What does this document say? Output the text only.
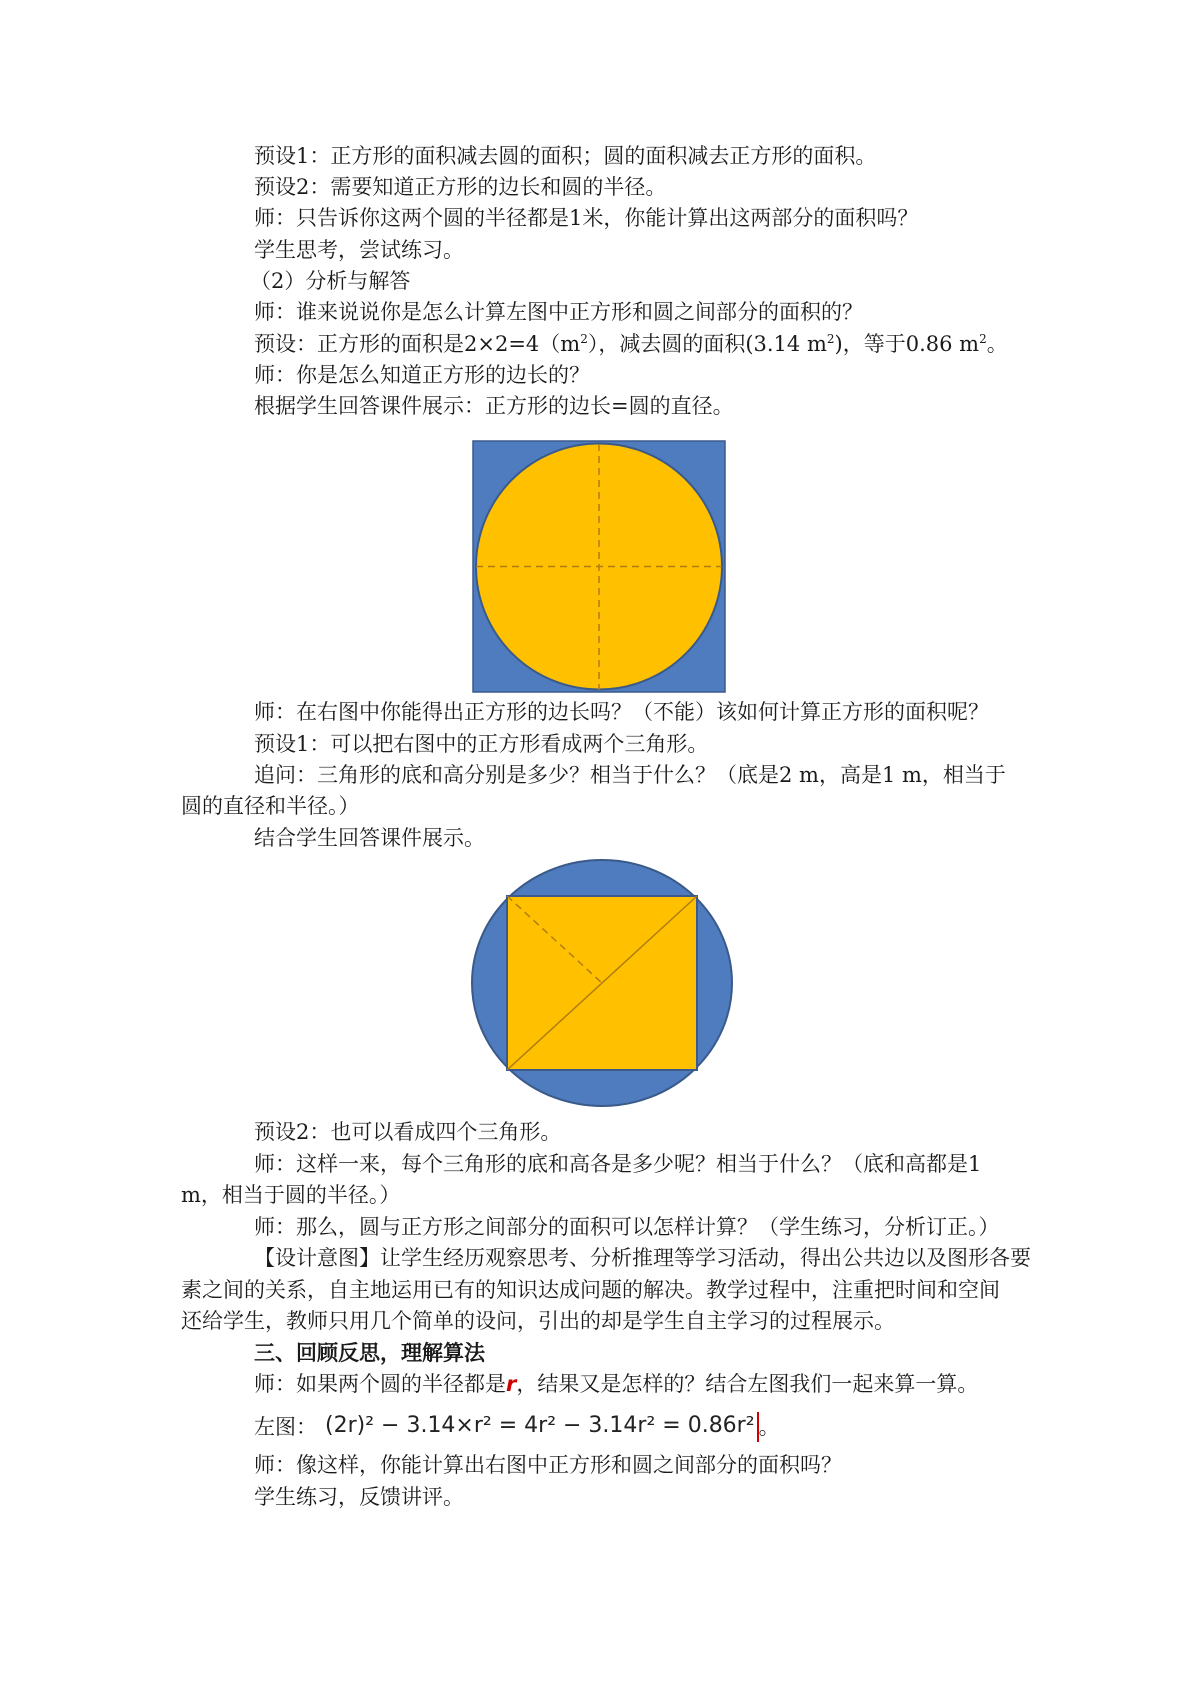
预设1：正方形的面积减去圆的面积；圆的面积减去正方形的面积。
预设2：需要知道正方形的边长和圆的半径。
师：只告诉你这两个圆的半径都是1米，你能计算出这两部分的面积吗？
学生思考，尝试练习。
（2）分析与解答
师：谁来说说你是怎么计算左图中正方形和圆之间部分的面积的？
预设：正方形的面积是$2\times 2=4(m^2)$，减去圆的面积(3.14 $m^2$)，等于0.86 $m^2$。
师：你是怎么知道正方形的边长的？
根据学生回答课件展示：正方形的边长=圆的直径。
师：在右图中你能得出正方形的边长吗？（不能）该如何计算正方形的面积呢？
预设1：可以把右图中的正方形看成两个三角形。
追问：三角形的底和高分别是多少？相当于什么？（底是2 m，高是1 m，相当于
圆的直径和半径。）
结合学生回答课件展示。
预设2：也可以看成四个三角形。
师：这样一来，每个三角形的底和高各是多少呢？相当于什么？（底和高都是1
m，相当于圆的半径。）
师：那么，圆与正方形之间部分的面积可以怎样计算？（学生练习，分析订正。）
【设计意图】让学生经历观察思考、分析推理等学习活动，得出公共边以及图形各要
素之间的关系，自主地运用已有的知识达成问题的解决。教学过程中，注重把时间和空间
还给学生，教师只用几个简单的设问，引出的却是学生自主学习的过程展示。
三、回顾反思，理解算法
师：如果两个圆的半径都是r，结果又是怎样的？结合左图我们一起来算一算。
左图： (2r)² − 3.14×r² = 4r² − 3.14r² = 0.86r² 。
师：像这样，你能计算出右图中正方形和圆之间部分的面积吗？
学生练习，反馈讲评。
